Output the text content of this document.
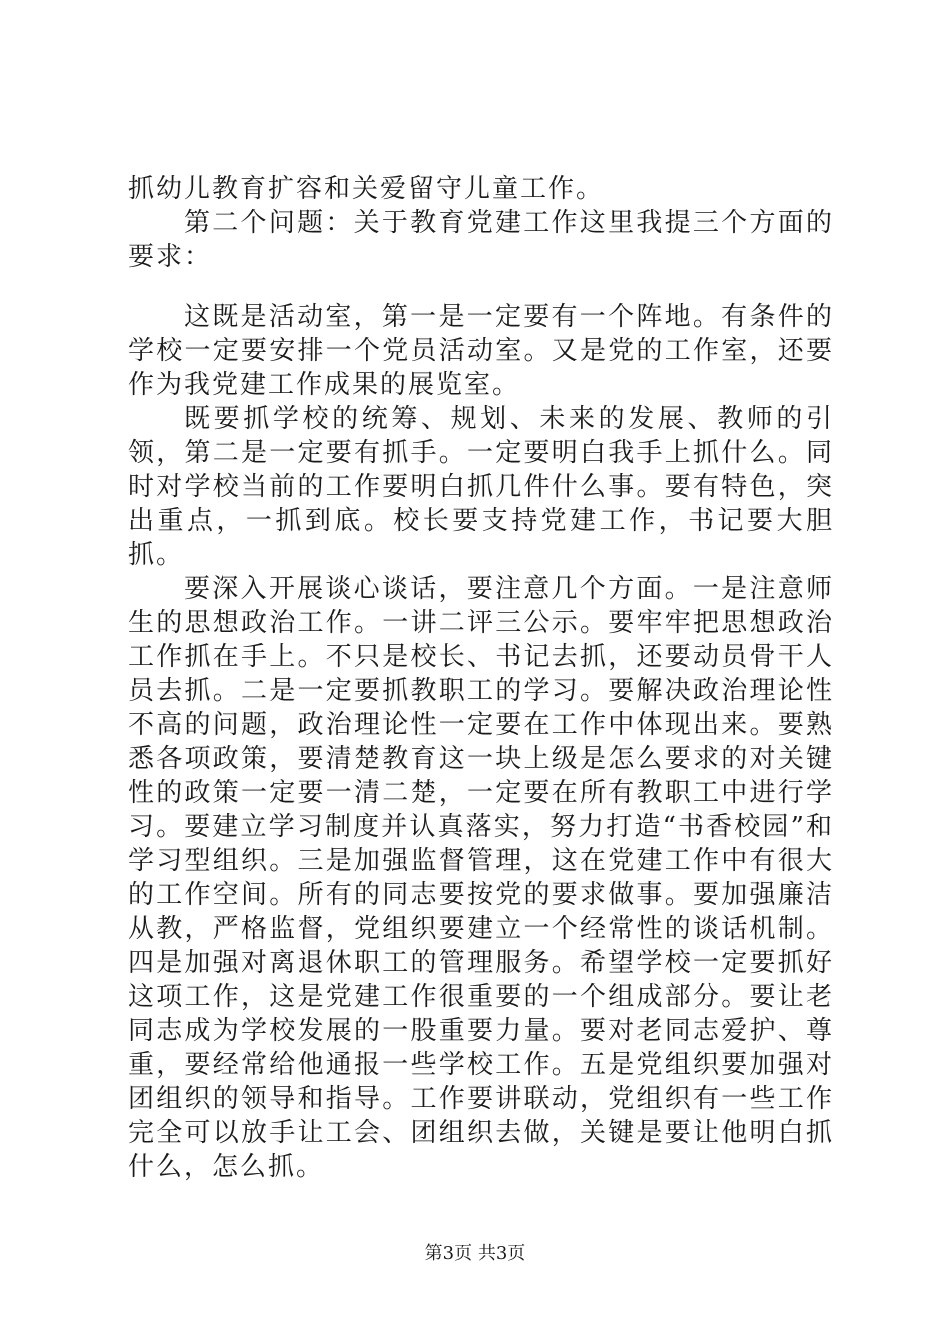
抓幼儿教育扩容和关爱留守儿童工作。

第二个问题：关于教育党建工作这里我提三个方面的要求：

这既是活动室，第一是一定要有一个阵地。有条件的学校一定要安排一个党员活动室。又是党的工作室，还要作为我党建工作成果的展览室。

既要抓学校的统筹、规划、未来的发展、教师的引领，第二是一定要有抓手。一定要明白我手上抓什么。同时对学校当前的工作要明白抓几件什么事。要有特色，突出重点，一抓到底。校长要支持党建工作，书记要大胆抓。

要深入开展谈心谈话，要注意几个方面。一是注意师生的思想政治工作。一讲二评三公示。要牢牢把思想政治工作抓在手上。不只是校长、书记去抓，还要动员骨干人员去抓。二是一定要抓教职工的学习。要解决政治理论性不高的问题，政治理论性一定要在工作中体现出来。要熟悉各项政策，要清楚教育这一块上级是怎么要求的对关键性的政策一定要一清二楚，一定要在所有教职工中进行学习。要建立学习制度并认真落实，努力打造“书香校园”和学习型组织。三是加强监督管理，这在党建工作中有很大的工作空间。所有的同志要按党的要求做事。要加强廉洁从教，严格监督，党组织要建立一个经常性的谈话机制。四是加强对离退休职工的管理服务。希望学校一定要抓好这项工作，这是党建工作很重要的一个组成部分。要让老同志成为学校发展的一股重要力量。要对老同志爱护、尊重，要经常给他通报一些学校工作。五是党组织要加强对团组织的领导和指导。工作要讲联动，党组织有一些工作完全可以放手让工会、团组织去做，关键是要让他明白抓什么，怎么抓。

第3页 共3页
